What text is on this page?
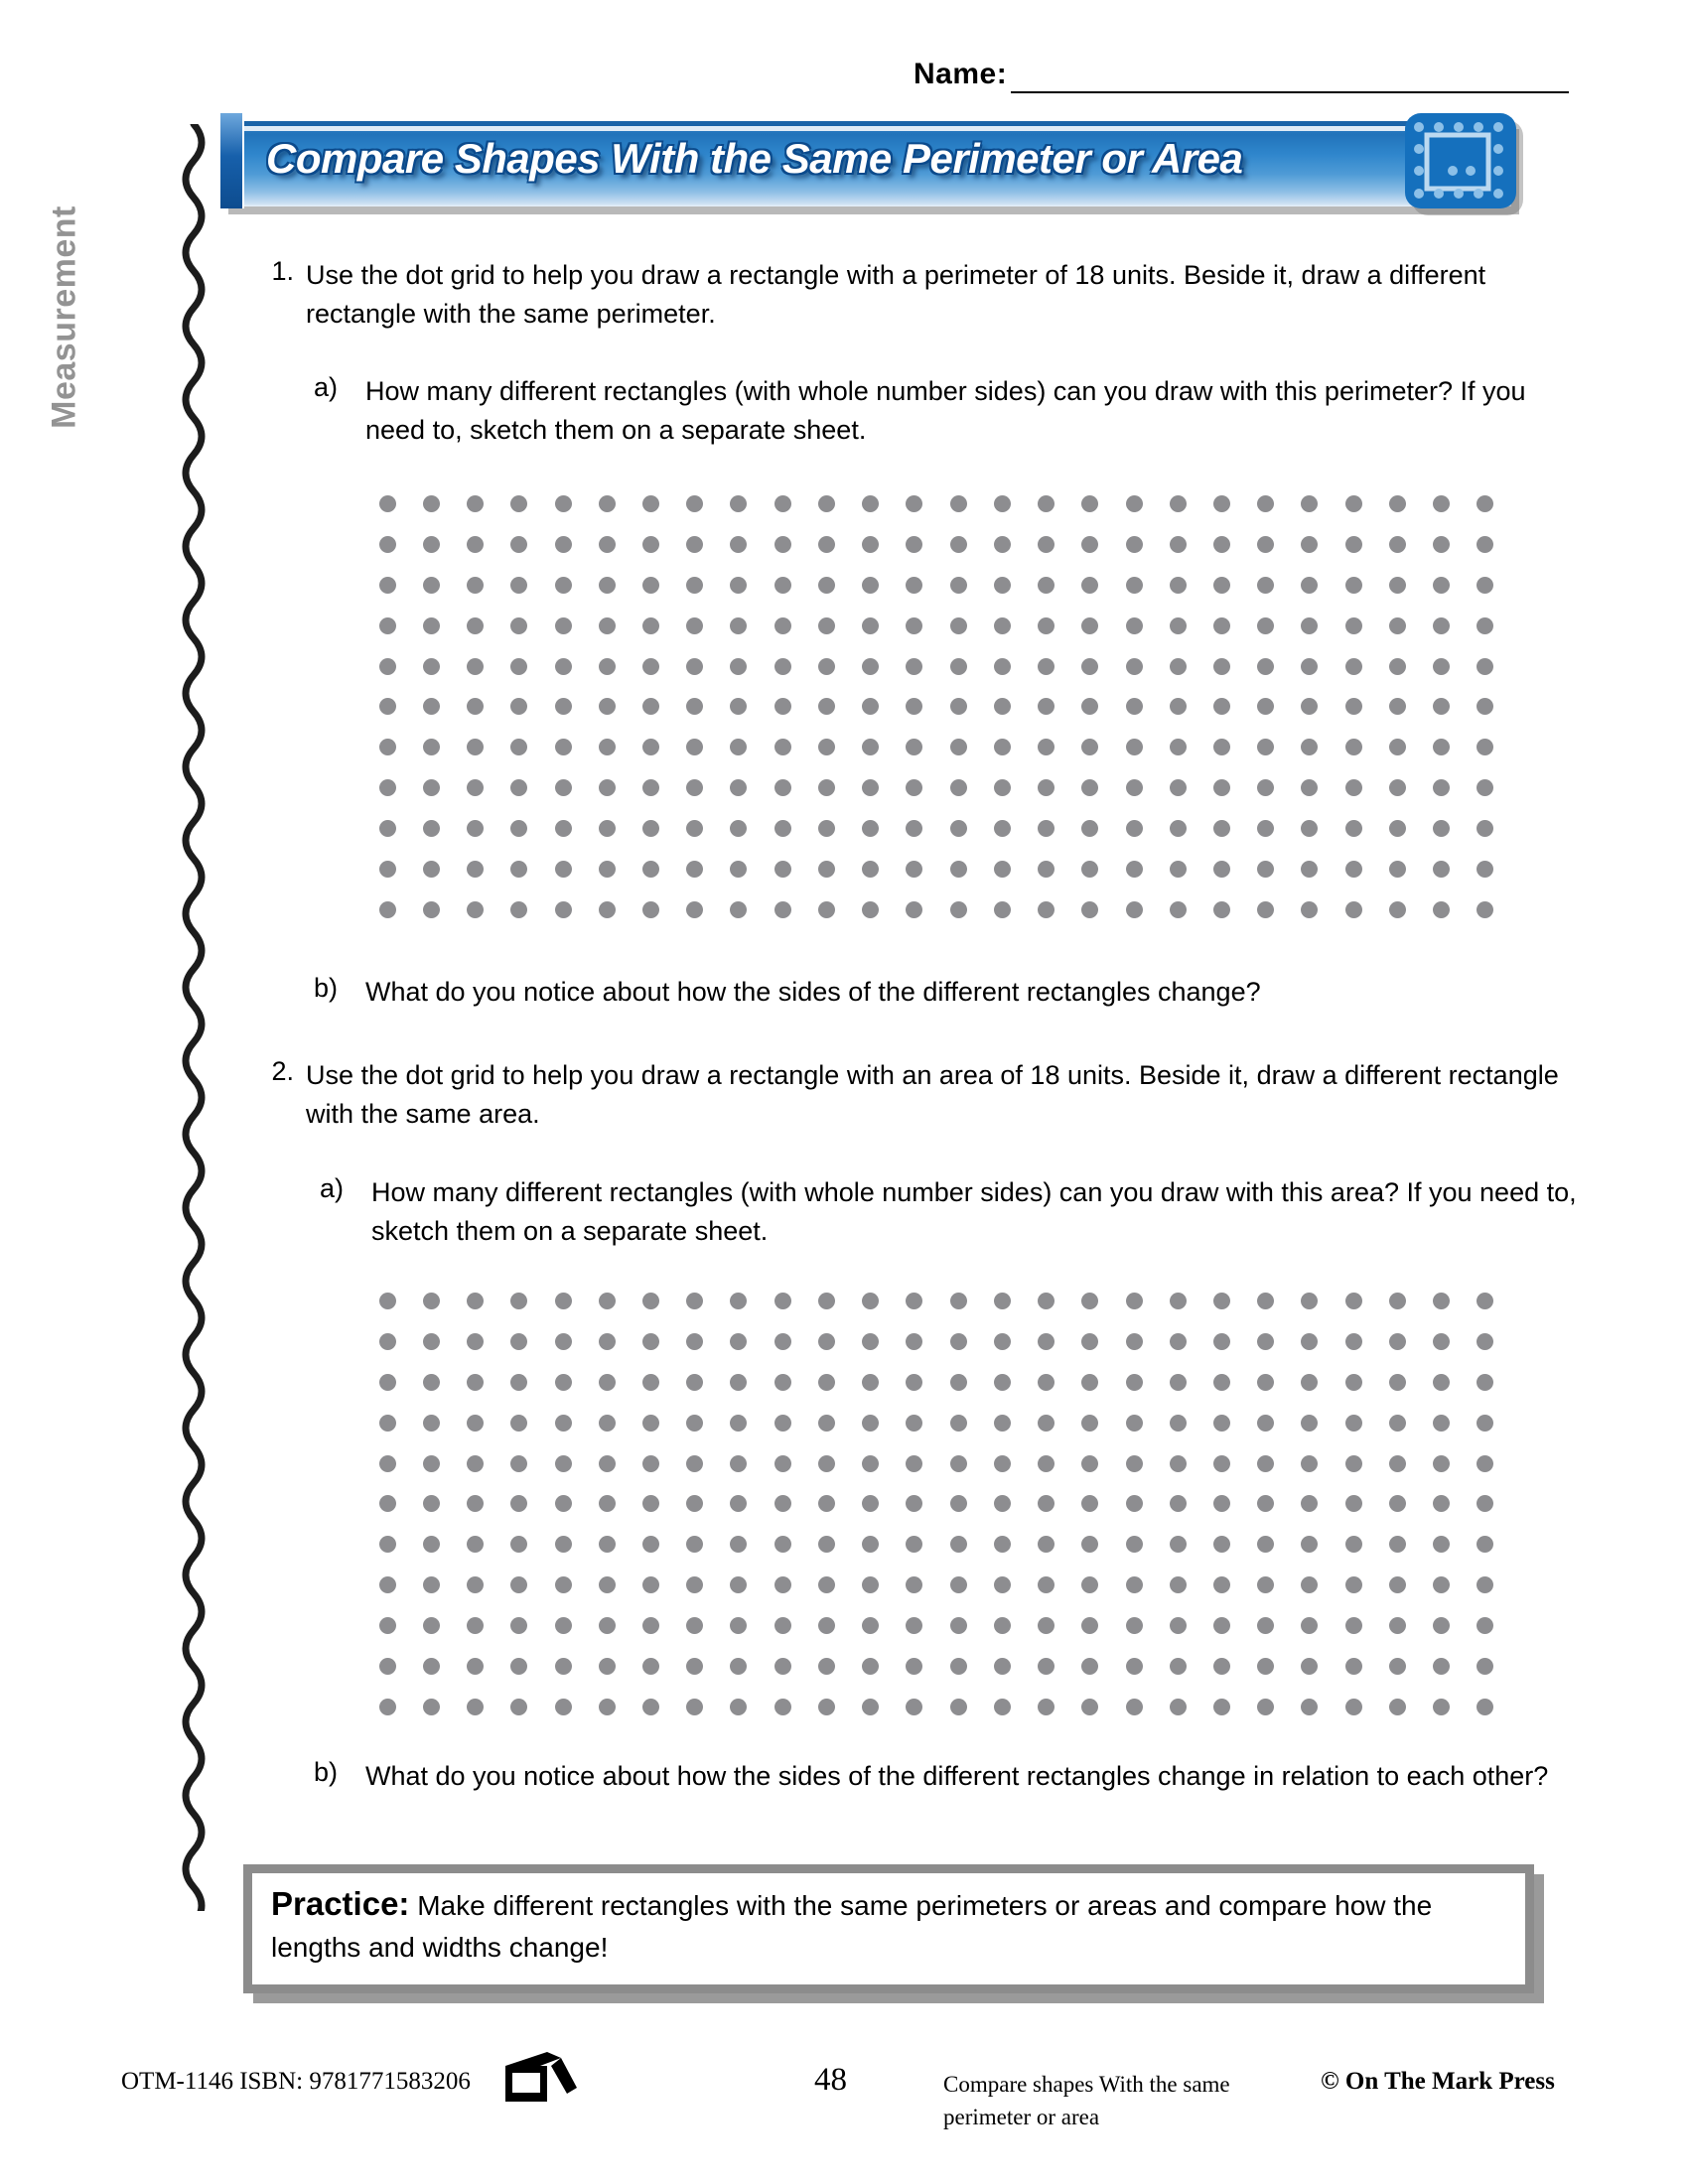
Name:
Measurement
Compare Shapes With the Same Perimeter or Area
1. Use the dot grid to help you draw a rectangle with a perimeter of 18 units. Beside it, draw a different rectangle with the same perimeter.
a)	How many different rectangles (with whole number sides) can you draw with this perimeter? If you need to, sketch them on a separate sheet.
b)	What do you notice about how the sides of the different rectangles change?
2. Use the dot grid to help you draw a rectangle with an area of 18 units. Beside it, draw a different rectangle with the same area.
a)	How many different rectangles (with whole number sides) can you draw with this area? If you need to, sketch them on a separate sheet.
b)	What do you notice about how the sides of the different rectangles change in relation to each other?
Practice: Make different rectangles with the same perimeters or areas and compare how the lengths and widths change!
OTM-1146 ISBN: 9781771583206	48	Compare shapes With the same perimeter or area
© On The Mark Press
